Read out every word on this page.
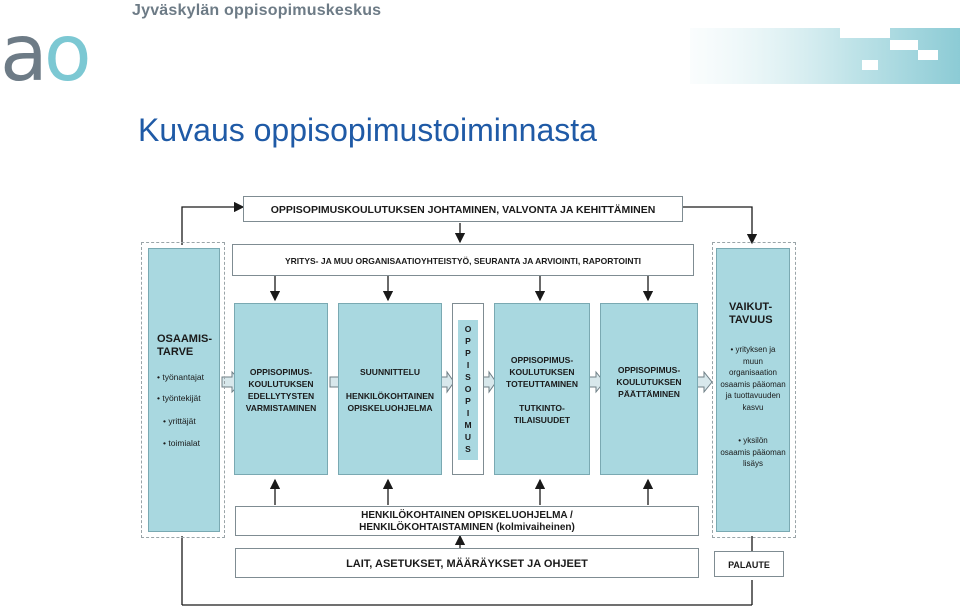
Jyväskylän oppisopimuskeskus
ao
Kuvaus oppisopimustoiminnasta
OPPISOPIMUSKOULUTUKSEN JOHTAMINEN, VALVONTA JA KEHITTÄMINEN
YRITYS- JA MUU ORGANISAATIOYHTEISTYÖ, SEURANTA JA ARVIOINTI, RAPORTOINTI
OSAAMIS-
TARVE
• työnantajat
• työntekijät
• yrittäjät
• toimialat
OPPISOPIMUS-
KOULUTUKSEN
EDELLYTYSTEN
VARMISTAMINEN
SUUNNITTELU

HENKILÖKOHTAINEN
OPISKELUOHJELMA	OPPISOPIMUS	OPPISOPIMUS-
KOULUTUKSEN
TOTEUTTAMINEN

TUTKINTO-
TILAISUUDET
OPPISOPIMUS-
KOULUTUKSEN
PÄÄTTÄMINEN
VAIKUT-
TAVUUS
• yrityksen ja
muun
organisaation
osaamis pääoman
ja tuottavuuden
kasvu
• yksilön
osaamis pääoman
lisäys
HENKILÖKOHTAINEN OPISKELUOHJELMA /
HENKILÖKOHTAISTAMINEN (kolmivaiheinen)
LAIT, ASETUKSET, MÄÄRÄYKSET JA OHJEET	PALAUTE
